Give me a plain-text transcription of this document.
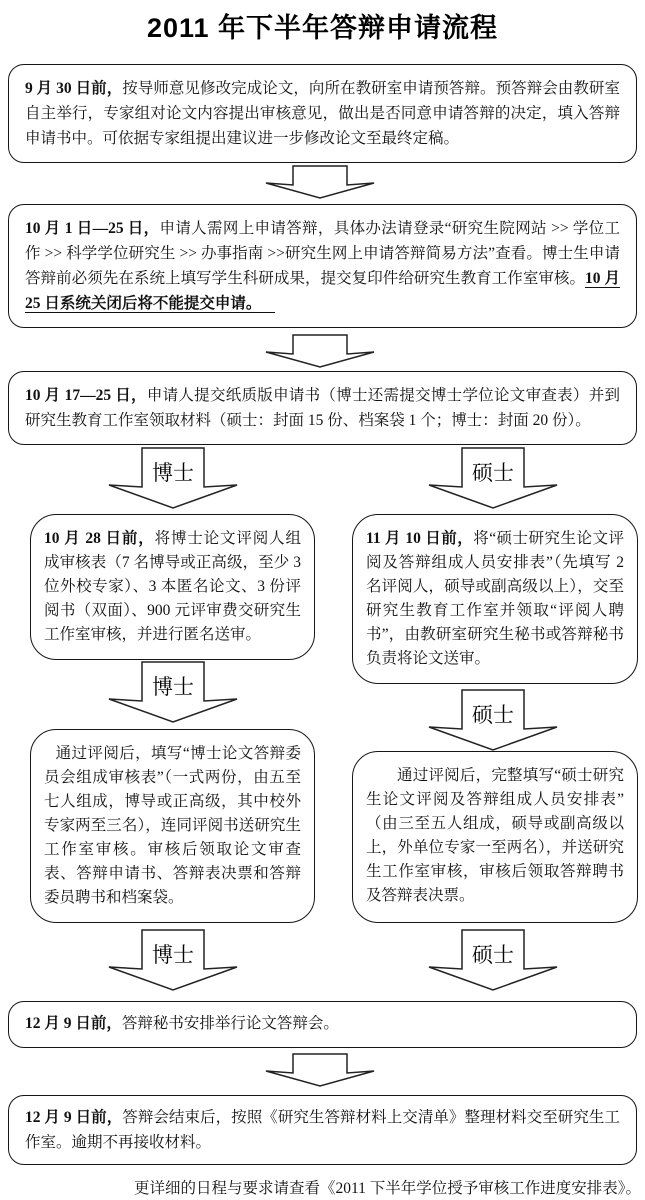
2011 年下半年答辩申请流程

9 月 30 日前，按导师意见修改完成论文，向所在教研室申请预答辩。预答辩会由教研室自主举行，专家组对论文内容提出审核意见，做出是否同意申请答辩的决定，填入答辩申请书中。可依据专家组提出建议进一步修改论文至最终定稿。

10 月 1 日—25 日，申请人需网上申请答辩，具体办法请登录“研究生院网站 >> 学位工作 >> 科学学位研究生 >> 办事指南 >>研究生网上申请答辩简易方法”查看。博士生申请答辩前必须先在系统上填写学生科研成果，提交复印件给研究生教育工作室审核。10 月 25 日系统关闭后将不能提交申请。

10 月 17—25 日，申请人提交纸质版申请书（博士还需提交博士学位论文审查表）并到研究生教育工作室领取材料（硕士：封面 15 份、档案袋 1 个；博士：封面 20 份）。

博士	硕士

10 月 28 日前，将博士论文评阅人组成审核表（7 名博导或正高级，至少 3 位外校专家）、3 本匿名论文、3 份评阅书（双面）、900 元评审费交研究生工作室审核，并进行匿名送审。

11 月 10 日前，将“硕士研究生论文评阅及答辩组成人员安排表”（先填写 2 名评阅人，硕导或副高级以上），交至研究生教育工作室并领取“评阅人聘书”，由教研室研究生秘书或答辩秘书负责将论文送审。

博士
硕士

通过评阅后，填写“博士论文答辩委员会组成审核表”（一式两份，由五至七人组成，博导或正高级，其中校外专家两至三名），连同评阅书送研究生工作室审核。审核后领取论文审查表、答辩申请书、答辩表决票和答辩委员聘书和档案袋。

通过评阅后，完整填写“硕士研究生论文评阅及答辩组成人员安排表”（由三至五人组成，硕导或副高级以上，外单位专家一至两名），并送研究生工作室审核，审核后领取答辩聘书及答辩表决票。

博士	硕士

12 月 9 日前，答辩秘书安排举行论文答辩会。

12 月 9 日前，答辩会结束后，按照《研究生答辩材料上交清单》整理材料交至研究生工作室。逾期不再接收材料。

更详细的日程与要求请查看《2011 下半年学位授予审核工作进度安排表》。
